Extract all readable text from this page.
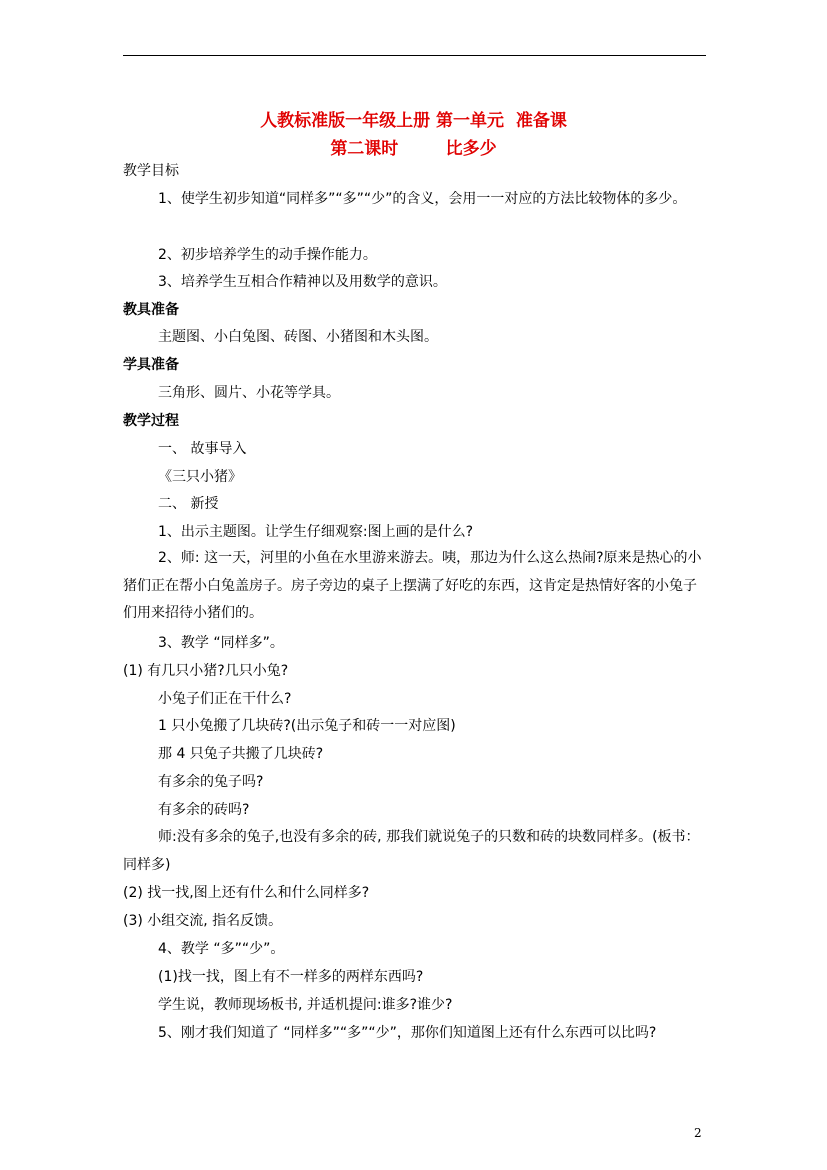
人教标准版一年级上册 第一单元  准备课
第二课时        比多少
教学目标
1、使学生初步知道“同样多”“多”“少”的含义，会用一一对应的方法比较物体的多少。
2、初步培养学生的动手操作能力。
3、培养学生互相合作精神以及用数学的意识。
教具准备
主题图、小白兔图、砖图、小猪图和木头图。
学具准备
三角形、圆片、小花等学具。
教学过程
一、 故事导入
《三只小猪》
二、 新授
1、出示主题图。让学生仔细观察:图上画的是什么?
2、师: 这一天，河里的小鱼在水里游来游去。咦，那边为什么这么热闹?原来是热心的小猪们正在帮小白兔盖房子。房子旁边的桌子上摆满了好吃的东西，这肯定是热情好客的小兔子们用来招待小猪们的。
3、教学 “同样多”。
(1) 有几只小猪?几只小兔?
小兔子们正在干什么?
1 只小兔搬了几块砖?(出示兔子和砖一一对应图)
那 4 只兔子共搬了几块砖?
有多余的兔子吗?
有多余的砖吗?
师:没有多余的兔子,也没有多余的砖, 那我们就说兔子的只数和砖的块数同样多。(板书：同样多)
(2) 找一找,图上还有什么和什么同样多?
(3) 小组交流, 指名反馈。
4、教学 “多”“少”。
(1)找一找，图上有不一样多的两样东西吗?
学生说，教师现场板书, 并适机提问:谁多?谁少?
5、刚才我们知道了 “同样多”“多”“少”，那你们知道图上还有什么东西可以比吗?
2
